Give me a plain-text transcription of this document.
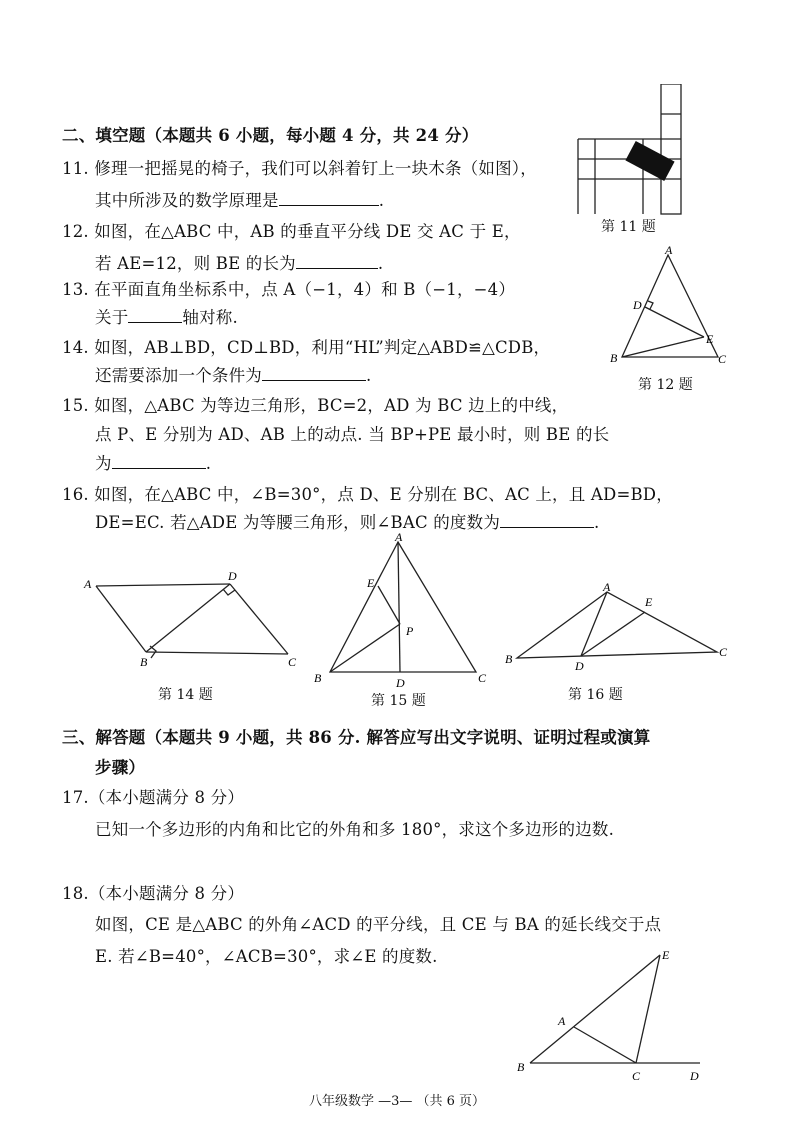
二、填空题（本题共 6 小题，每小题 4 分，共 24 分）
11. 修理一把摇晃的椅子，我们可以斜着钉上一块木条（如图），
其中所涉及的数学原理是	.
第 11 题
12. 如图，在△ABC 中，AB 的垂直平分线 DE 交 AC 于 E，
若 AE=12，则 BE 的长为	.
A
D
E
B	C
第 12 题
13. 在平面直角坐标系中，点 A（−1，4）和 B（−1，−4）
关于	轴对称.
14. 如图，AB⊥BD，CD⊥BD，利用“HL”判定△ABD≌△CDB，
还需要添加一个条件为	.
15. 如图，△ABC 为等边三角形，BC=2，AD 为 BC 边上的中线，
点 P、E 分别为 AD、AB 上的动点. 当 BP+PE 最小时，则 BE 的长
为	.
16. 如图，在△ABC 中，∠B=30°，点 D、E 分别在 BC、AC 上，且 AD=BD，
DE=EC. 若△ADE 为等腰三角形，则∠BAC 的度数为	.
A
D
B	C
第 14 题
A
E
P
B	D	C
第 15 题
A
E
B	D
C
第 16 题
三、解答题（本题共 9 小题，共 86 分. 解答应写出文字说明、证明过程或演算
步骤）
17.（本小题满分 8 分）
已知一个多边形的内角和比它的外角和多 180°，求这个多边形的边数.
18.（本小题满分 8 分）
如图，CE 是△ABC 的外角∠ACD 的平分线，且 CE 与 BA 的延长线交于点
E. 若∠B=40°，∠ACB=30°，求∠E 的度数.	E
A
B
C	D
八年级数学 —3— （共 6 页）
